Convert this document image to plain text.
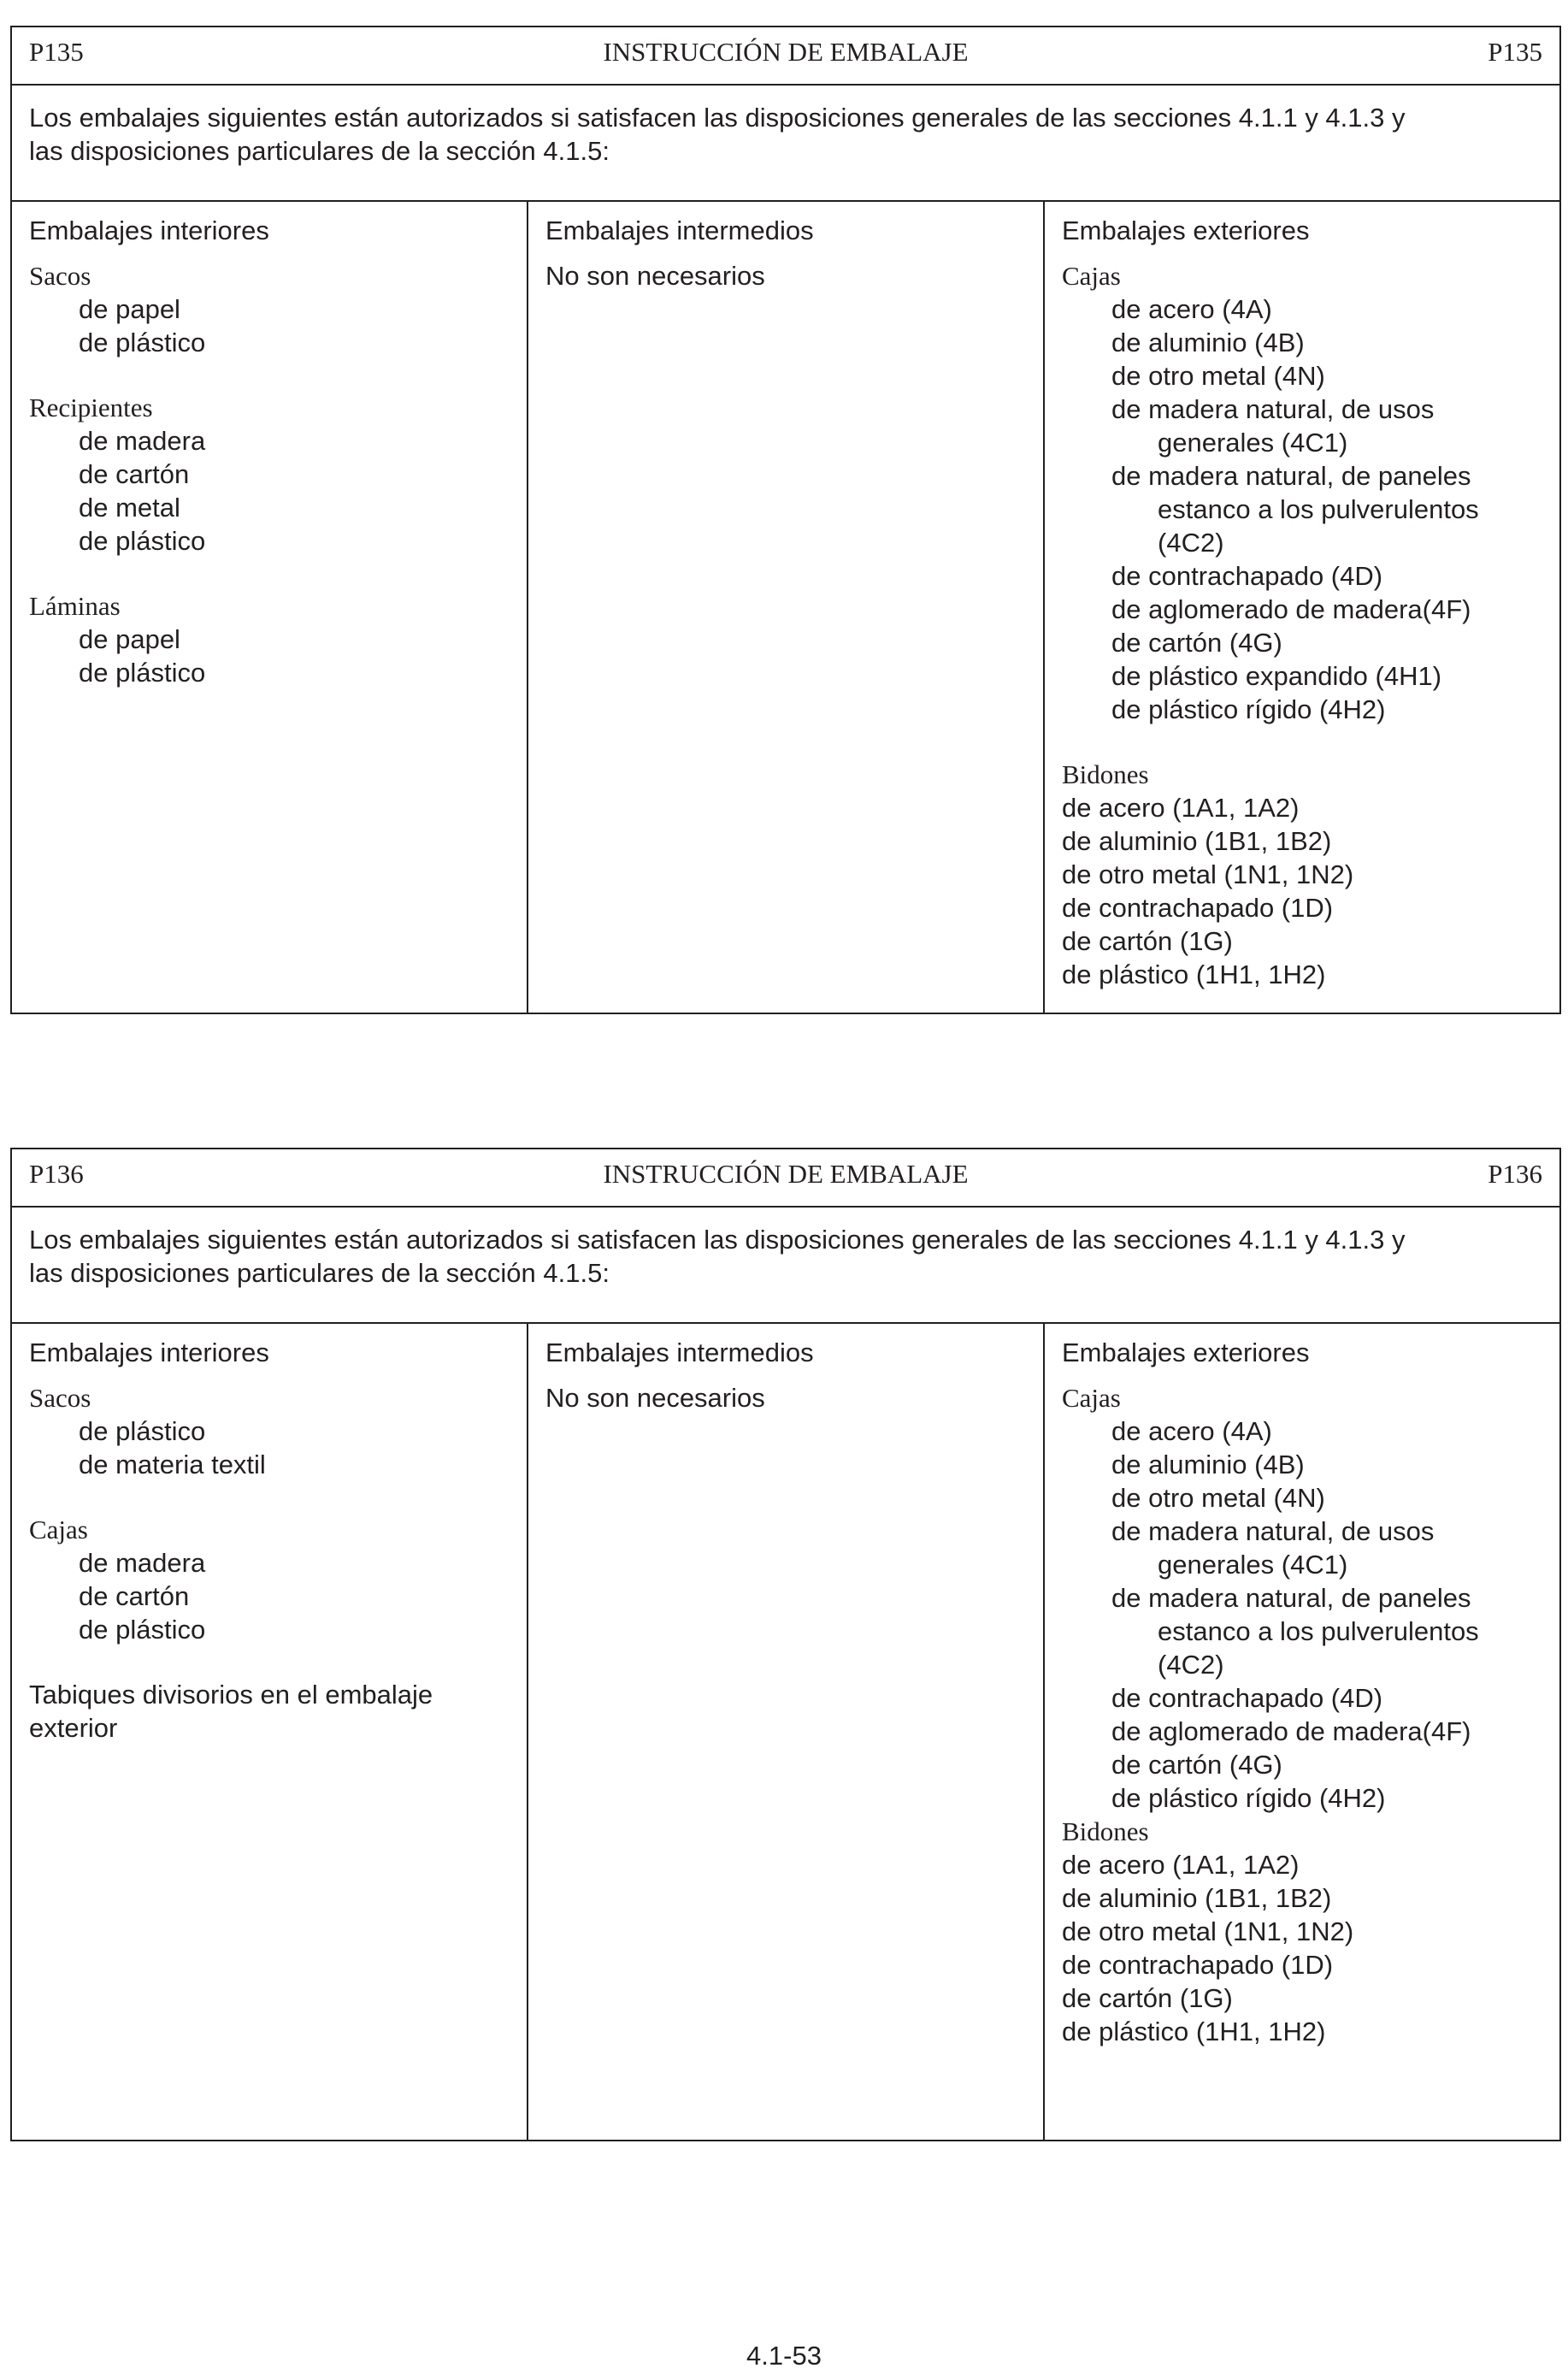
P135	INSTRUCCIÓN DE EMBALAJE	P135
Los embalajes siguientes están autorizados si satisfacen las disposiciones generales de las secciones 4.1.1 y 4.1.3 y
las disposiciones particulares de la sección 4.1.5:
Embalajes interiores
Sacos
de papel
de plástico
Recipientes
de madera
de cartón
de metal
de plástico
Láminas
de papel
de plástico
Embalajes intermedios
No son necesarios
Embalajes exteriores
Cajas
de acero (4A)
de aluminio (4B)
de otro metal (4N)
de madera natural, de usos
generales (4C1)
de madera natural, de paneles
estanco a los pulverulentos
(4C2)
de contrachapado (4D)
de aglomerado de madera(4F)
de cartón (4G)
de plástico expandido (4H1)
de plástico rígido (4H2)
Bidones
de acero (1A1, 1A2)
de aluminio (1B1, 1B2)
de otro metal (1N1, 1N2)
de contrachapado (1D)
de cartón (1G)
de plástico (1H1, 1H2)
P136	INSTRUCCIÓN DE EMBALAJE	P136
Los embalajes siguientes están autorizados si satisfacen las disposiciones generales de las secciones 4.1.1 y 4.1.3 y
las disposiciones particulares de la sección 4.1.5:
Embalajes interiores
Sacos
de plástico
de materia textil
Cajas
de madera
de cartón
de plástico
Tabiques divisorios en el embalaje
exterior
Embalajes intermedios
No son necesarios
Embalajes exteriores
Cajas
de acero (4A)
de aluminio (4B)
de otro metal (4N)
de madera natural, de usos
generales (4C1)
de madera natural, de paneles
estanco a los pulverulentos
(4C2)
de contrachapado (4D)
de aglomerado de madera(4F)
de cartón (4G)
de plástico rígido (4H2)
Bidones
de acero (1A1, 1A2)
de aluminio (1B1, 1B2)
de otro metal (1N1, 1N2)
de contrachapado (1D)
de cartón (1G)
de plástico (1H1, 1H2)
4.1-53
